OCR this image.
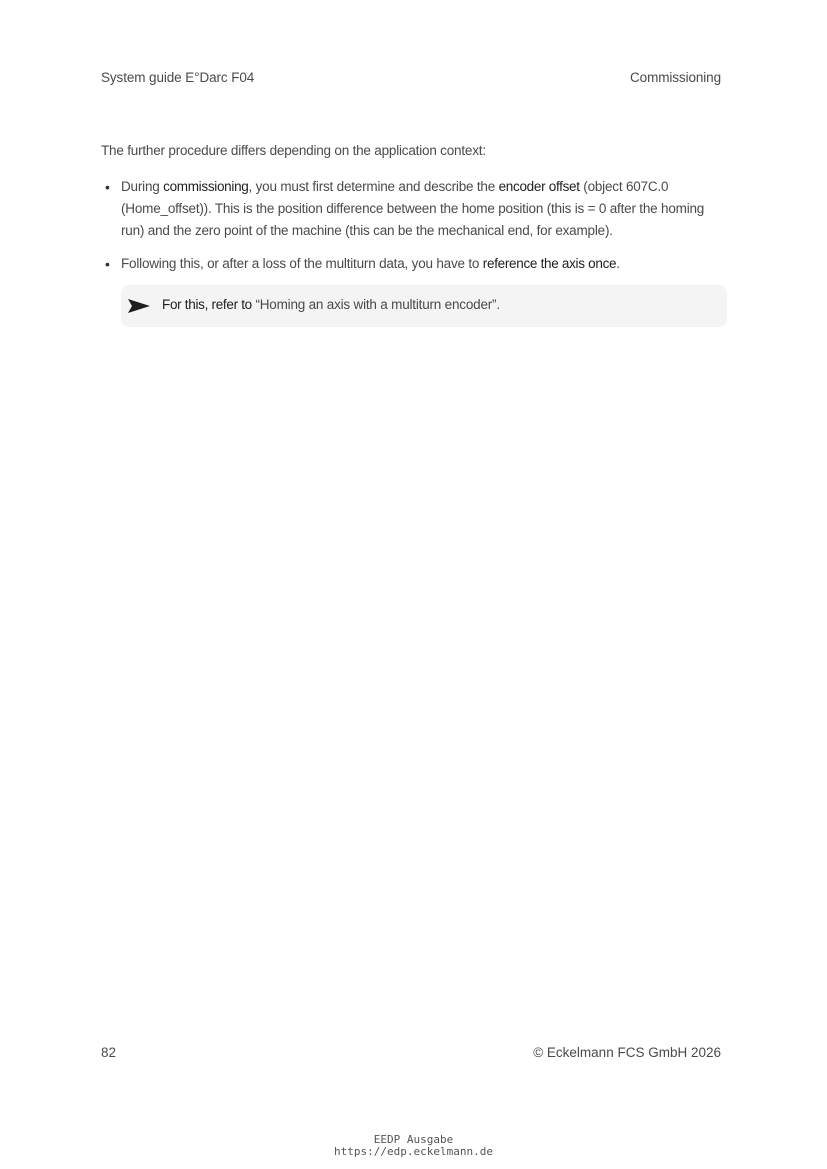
System guide E°Darc F04	Commissioning
The further procedure differs depending on the application context:
• During commissioning, you must first determine and describe the encoder offset (object 607C.0 (Home_offset)). This is the position difference between the home position (this is = 0 after the homing run) and the zero point of the machine (this can be the mechanical end, for example).
• Following this, or after a loss of the multiturn data, you have to reference the axis once.
For this, refer to “Homing an axis with a multiturn encoder”.
82	© Eckelmann FCS GmbH 2026
EEDP Ausgabe
https://edp.eckelmann.de
